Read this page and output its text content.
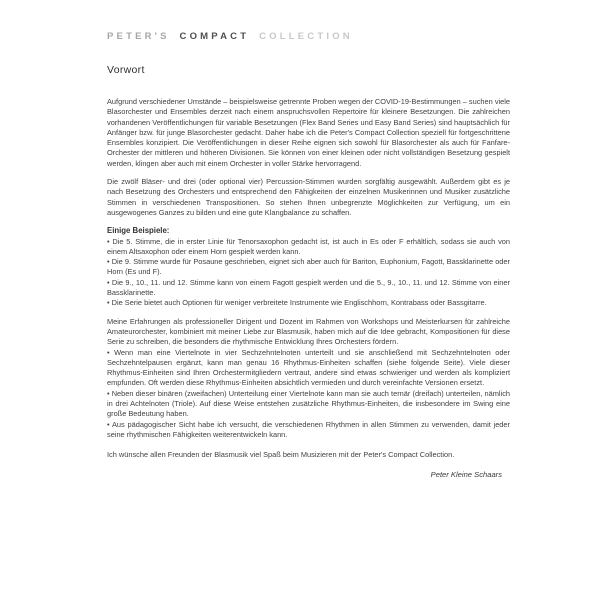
PETER'S COMPACT COLLECTION

Vorwort

Aufgrund verschiedener Umstände – beispielsweise getrennte Proben wegen der COVID-19-Bestimmungen – suchen viele Blasorchester und Ensembles derzeit nach einem anspruchsvollen Repertoire für kleinere Besetzungen. Die zahlreichen vorhandenen Veröffentlichungen für variable Besetzungen (Flex Band Series und Easy Band Series) sind hauptsächlich für Anfänger bzw. für junge Blasorchester gedacht. Daher habe ich die Peter's Compact Collection speziell für fortgeschrittene Ensembles konzipiert. Die Veröffentlichungen in dieser Reihe eignen sich sowohl für Blasorchester als auch für Fanfare-Orchester der mittleren und höheren Divisionen. Sie können von einer kleinen oder nicht vollständigen Besetzung gespielt werden, klingen aber auch mit einem Orchester in voller Stärke hervorragend.

Die zwölf Bläser- und drei (oder optional vier) Percussion-Stimmen wurden sorgfältig ausgewählt. Außerdem gibt es je nach Besetzung des Orchesters und entsprechend den Fähigkeiten der einzelnen Musikerinnen und Musiker zusätzliche Stimmen in verschiedenen Transpositionen. So stehen Ihnen unbegrenzte Möglichkeiten zur Verfügung, um ein ausgewogenes Ganzes zu bilden und eine gute Klangbalance zu schaffen.

Einige Beispiele:

• Die 5. Stimme, die in erster Linie für Tenorsaxophon gedacht ist, ist auch in Es oder F erhältlich, sodass sie auch von einem Altsaxophon oder einem Horn gespielt werden kann.

• Die 9. Stimme wurde für Posaune geschrieben, eignet sich aber auch für Bariton, Euphonium, Fagott, Bassklarinette oder Horn (Es und F).

• Die 9., 10., 11. und 12. Stimme kann von einem Fagott gespielt werden und die 5., 9., 10., 11. und 12. Stimme von einer Bassklarinette.

• Die Serie bietet auch Optionen für weniger verbreitete Instrumente wie Englischhorn, Kontrabass oder Bassgitarre.

Meine Erfahrungen als professioneller Dirigent und Dozent im Rahmen von Workshops und Meisterkursen für zahlreiche Amateurorchester, kombiniert mit meiner Liebe zur Blasmusik, haben mich auf die Idee gebracht, Kompositionen für diese Serie zu schreiben, die besonders die rhythmische Entwicklung Ihres Orchesters fördern.

• Wenn man eine Viertelnote in vier Sechzehntelnoten unterteilt und sie anschließend mit Sechzehntelnoten oder Sechzehntelpausen ergänzt, kann man genau 16 Rhythmus-Einheiten schaffen (siehe folgende Seite). Viele dieser Rhythmus-Einheiten sind Ihren Orchestermitgliedern vertraut, andere sind etwas schwieriger und werden als kompliziert empfunden. Oft werden diese Rhythmus-Einheiten absichtlich vermieden und durch vereinfachte Versionen ersetzt.

• Neben dieser binären (zweifachen) Unterteilung einer Viertelnote kann man sie auch ternär (dreifach) unterteilen, nämlich in drei Achtelnoten (Triole). Auf diese Weise entstehen zusätzliche Rhythmus-Einheiten, die insbesondere im Swing eine große Bedeutung haben.

• Aus pädagogischer Sicht habe ich versucht, die verschiedenen Rhythmen in allen Stimmen zu verwenden, damit jeder seine rhythmischen Fähigkeiten weiterentwickeln kann.

Ich wünsche allen Freunden der Blasmusik viel Spaß beim Musizieren mit der Peter's Compact Collection.

Peter Kleine Schaars
